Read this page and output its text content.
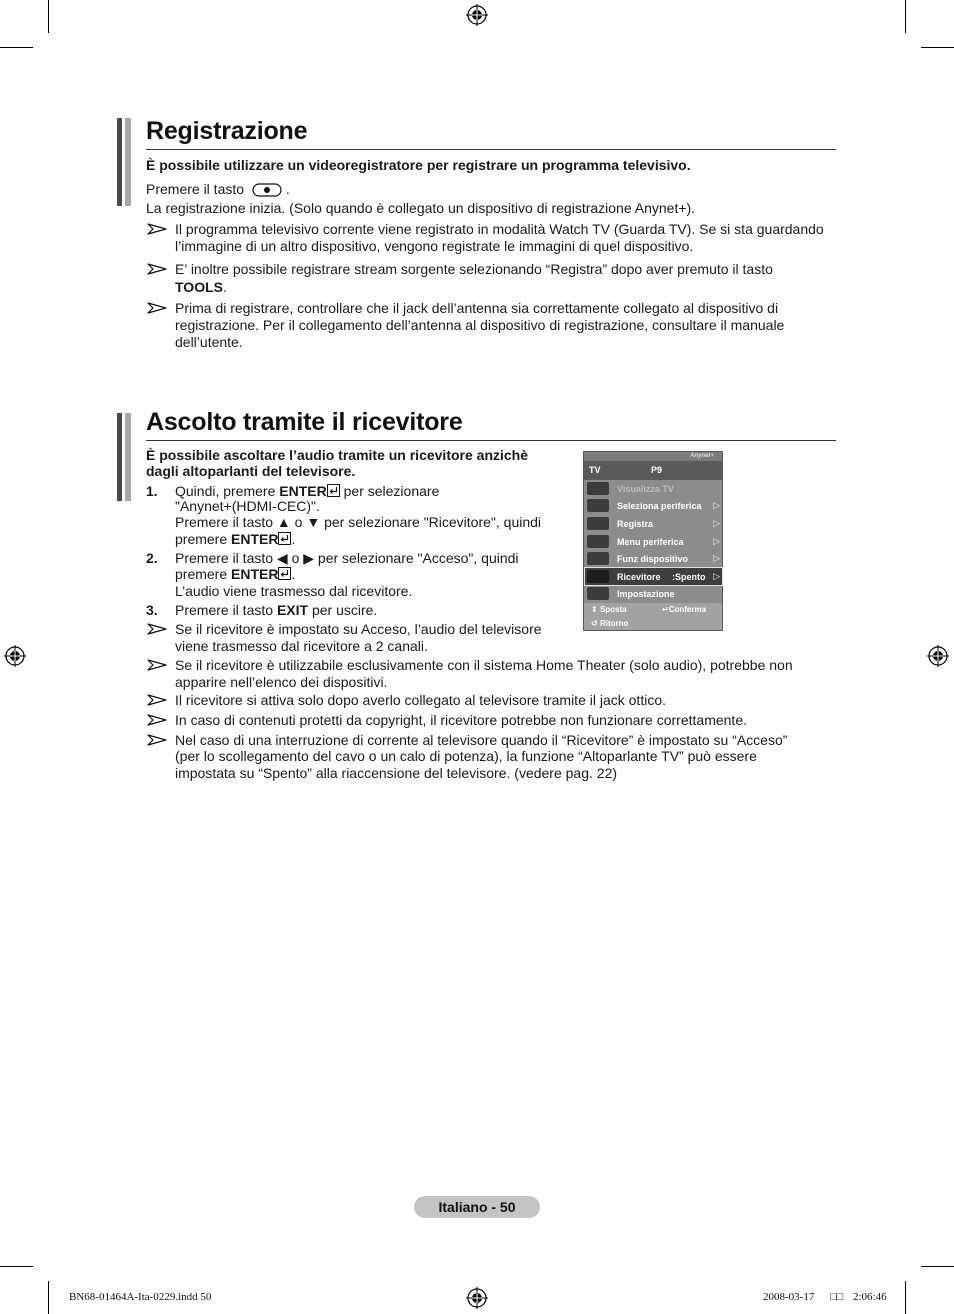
Registrazione
È possibile utilizzare un videoregistratore per registrare un programma televisivo.
Premere il tasto	.
La registrazione inizia. (Solo quando è collegato un dispositivo di registrazione Anynet+).
Il programma televisivo corrente viene registrato in modalità Watch TV (Guarda TV). Se si sta guardando l’immagine di un altro dispositivo, vengono registrate le immagini di quel dispositivo.
E’ inoltre possibile registrare stream sorgente selezionando “Registra” dopo aver premuto il tasto
TOOLS.
Prima di registrare, controllare che il jack dell’antenna sia correttamente collegato al dispositivo di registrazione. Per il collegamento dell’antenna al dispositivo di registrazione, consultare il manuale dell’utente.
Ascolto tramite il ricevitore
È possibile ascoltare l’audio tramite un ricevitore anzichè
dagli altoparlanti del televisore.
1. Quindi, premere ENTER per selezionare
"Anynet+(HDMI-CEC)".
Premere il tasto ▲ o ▼ per selezionare "Ricevitore", quindi
premere ENTER .
2. Premere il tasto ◀ o ▶ per selezionare "Acceso", quindi
premere ENTER .
L’audio viene trasmesso dal ricevitore.
3. Premere il tasto EXIT per uscire.
Se il ricevitore è impostato su Acceso, l’audio del televisore
viene trasmesso dal ricevitore a 2 canali.
Se il ricevitore è utilizzabile esclusivamente con il sistema Home Theater (solo audio), potrebbe non
apparire nell’elenco dei dispositivi.
Il ricevitore si attiva solo dopo averlo collegato al televisore tramite il jack ottico.
In caso di contenuti protetti da copyright, il ricevitore potrebbe non funzionare correttamente.
Nel caso di una interruzione di corrente al televisore quando il “Ricevitore” è impostato su “Acceso”
(per lo scollegamento del cavo o un calo di potenza), la funzione “Altoparlante TV” può essere
impostata su “Spento” alla riaccensione del televisore. (vedere pag. 22)
Anynet+
TV	P9
Visualizza TV
Seleziona periferica ▷
Registra	▷
Menu periferica	▷
Funz dispositivo	▷
Ricevitore :Spento ▷
Impostazione
⇕ Sposta	↵Conferma
↺ Ritorno
Italiano - 50
BN68-01464A-Ita-0229.indd 50	2008-03-17 □□ 2:06:46
